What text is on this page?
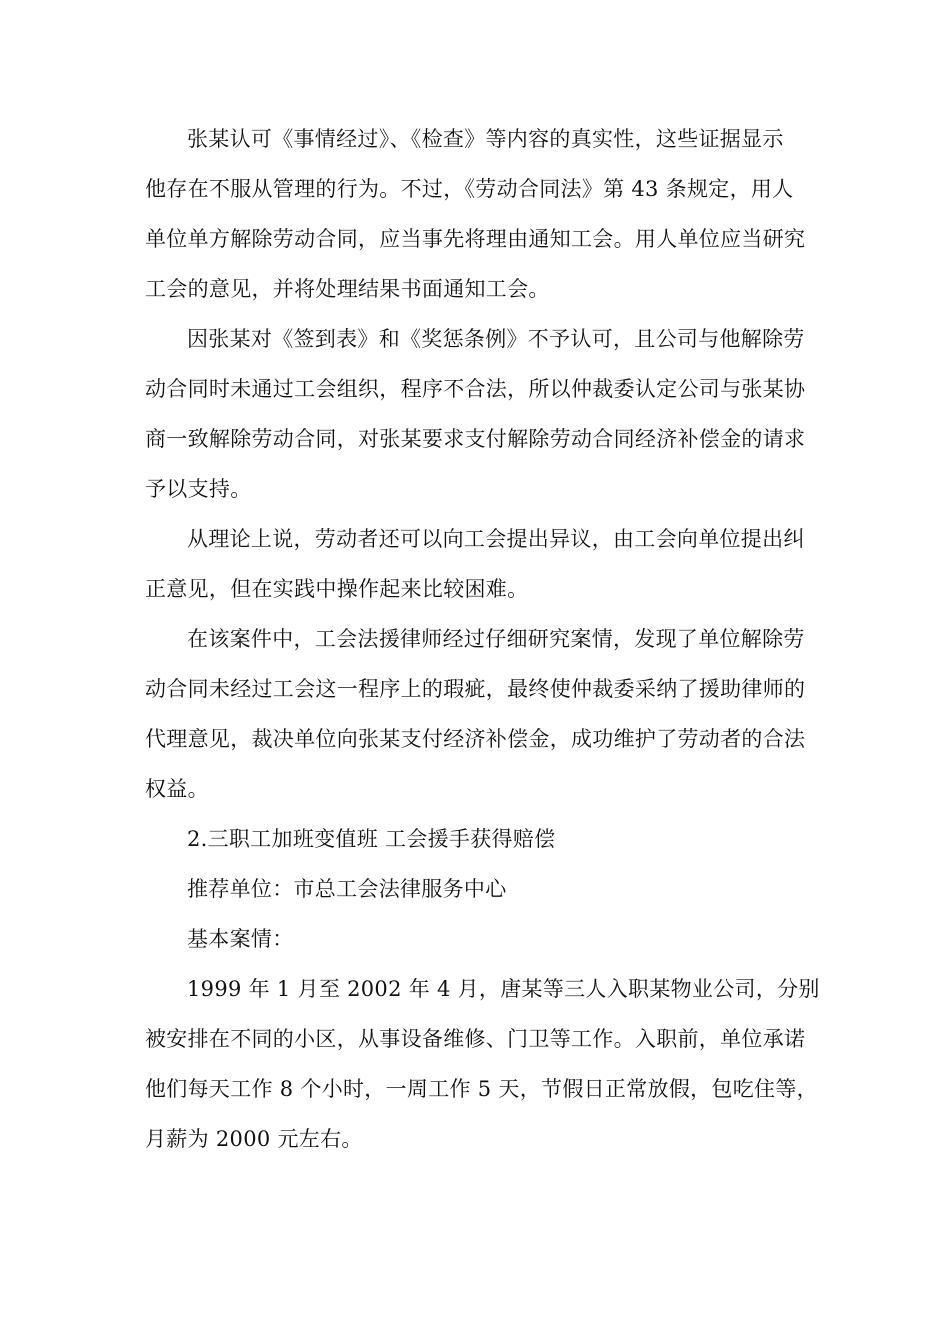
张某认可《事情经过》、《检查》等内容的真实性，这些证据显示
他存在不服从管理的行为。不过，《劳动合同法》第 43 条规定，用人
单位单方解除劳动合同，应当事先将理由通知工会。用人单位应当研究
工会的意见，并将处理结果书面通知工会。
因张某对《签到表》和《奖惩条例》不予认可，且公司与他解除劳
动合同时未通过工会组织，程序不合法，所以仲裁委认定公司与张某协
商一致解除劳动合同，对张某要求支付解除劳动合同经济补偿金的请求
予以支持。
从理论上说，劳动者还可以向工会提出异议，由工会向单位提出纠
正意见，但在实践中操作起来比较困难。
在该案件中，工会法援律师经过仔细研究案情，发现了单位解除劳
动合同未经过工会这一程序上的瑕疵，最终使仲裁委采纳了援助律师的
代理意见，裁决单位向张某支付经济补偿金，成功维护了劳动者的合法
权益。
2.三职工加班变值班 工会援手获得赔偿
推荐单位：市总工会法律服务中心
基本案情：
1999 年 1 月至 2002 年 4 月，唐某等三人入职某物业公司，分别
被安排在不同的小区，从事设备维修、门卫等工作。入职前，单位承诺
他们每天工作 8 个小时，一周工作 5 天，节假日正常放假，包吃住等，
月薪为 2000 元左右。
